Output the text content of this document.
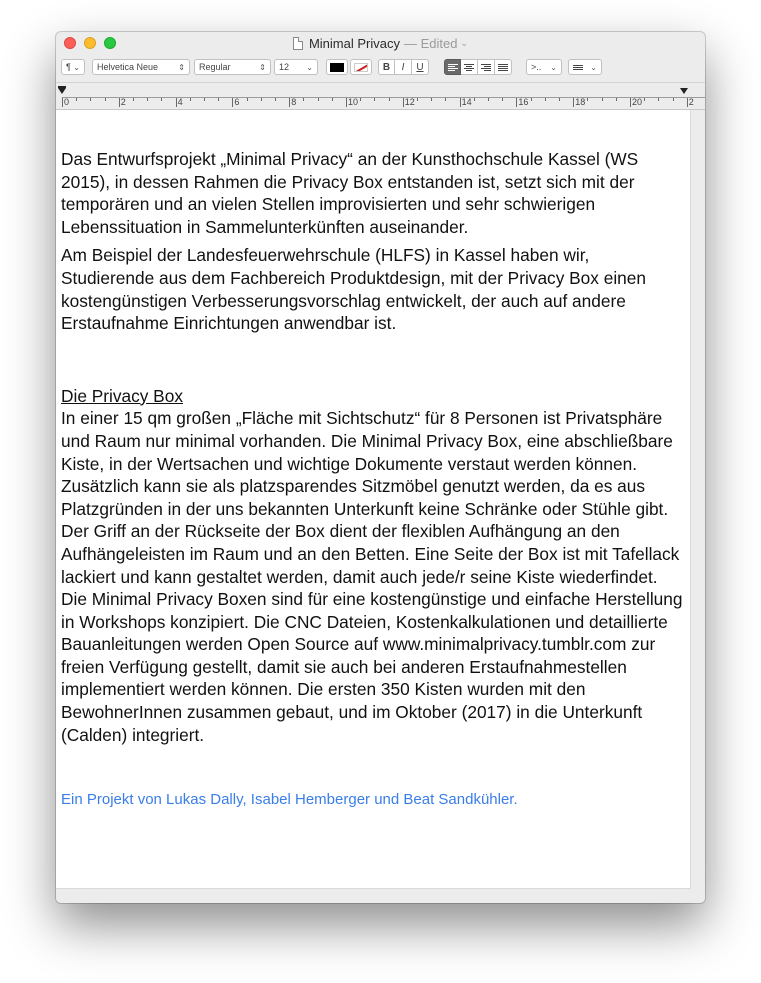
Minimal Privacy — Edited ⌄
¶ ⌄ Helvetica Neue	⇕ Regular	⇕ 12 ⌄	B	I	U	>.. ⌄	⌄
0	2	4	6	8	10	12	14	16	18	20	2

Das Entwurfsprojekt „Minimal Privacy“ an der Kunsthochschule Kassel (WS 2015), in dessen Rahmen die Privacy Box entstanden ist, setzt sich mit der temporären und an vielen Stellen improvisierten und sehr schwierigen Lebenssituation in Sammelunterkünften auseinander.

Am Beispiel der Landesfeuerwehrschule (HLFS) in Kassel haben wir, Studierende aus dem Fachbereich Produktdesign, mit der Privacy Box einen kostengünstigen Verbesserungsvorschlag entwickelt, der auch auf andere Erstaufnahme Einrichtungen anwendbar ist.

Die Privacy Box

In einer 15 qm großen „Fläche mit Sichtschutz“ für 8 Personen ist Privatsphäre und Raum nur minimal vorhanden. Die Minimal Privacy Box, eine abschließbare Kiste, in der Wertsachen und wichtige Dokumente verstaut werden können. Zusätzlich kann sie als platzsparendes Sitzmöbel genutzt werden, da es aus Platzgründen in der uns bekannten Unterkunft keine Schränke oder Stühle gibt. Der Griff an der Rückseite der Box dient der flexiblen Aufhängung an den Aufhängeleisten im Raum und an den Betten. Eine Seite der Box ist mit Tafellack lackiert und kann gestaltet werden, damit auch jede/r seine Kiste wiederfindet. Die Minimal Privacy Boxen sind für eine kostengünstige und einfache Herstellung in Workshops konzipiert. Die CNC Dateien, Kostenkalkulationen und detaillierte Bauanleitungen werden Open Source auf www.minimalprivacy.tumblr.com zur freien Verfügung gestellt, damit sie auch bei anderen Erstaufnahmestellen implementiert werden können. Die ersten 350 Kisten wurden mit den BewohnerInnen zusammen gebaut, und im Oktober (2017) in die Unterkunft (Calden) integriert.

Ein Projekt von Lukas Dally, Isabel Hemberger und Beat Sandkühler.
